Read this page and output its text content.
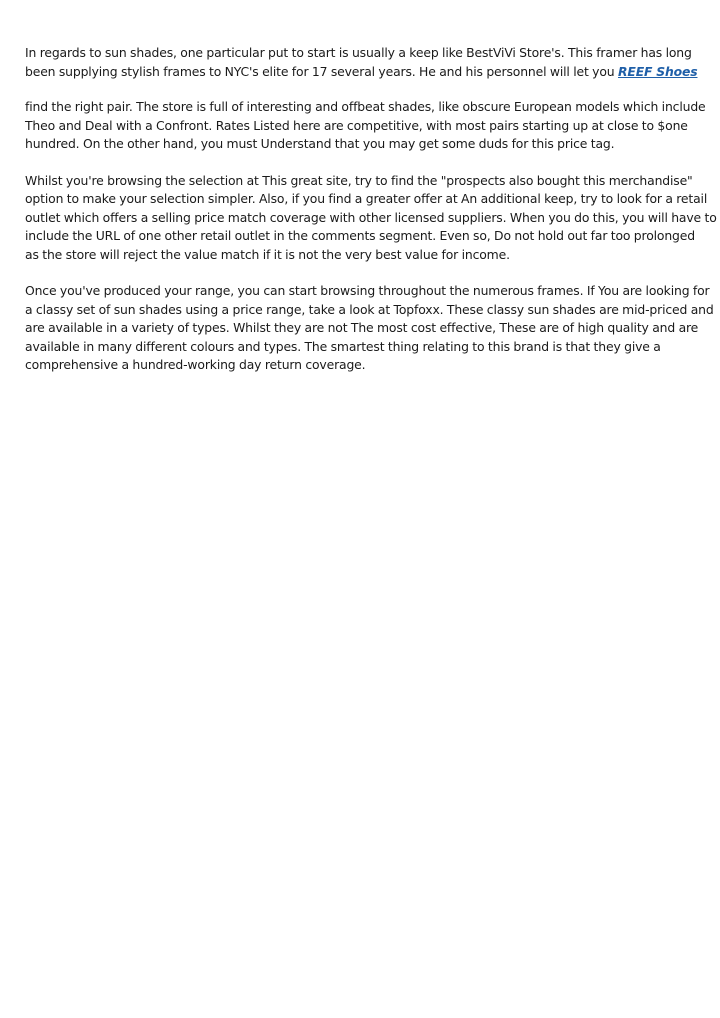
In regards to sun shades, one particular put to start is usually a keep like BestViVi Store's. This framer has long
been supplying stylish frames to NYC's elite for 17 several years. He and his personnel will let you REEF Shoes

find the right pair. The store is full of interesting and offbeat shades, like obscure European models which include
Theo and Deal with a Confront. Rates Listed here are competitive, with most pairs starting up at close to $one
hundred. On the other hand, you must Understand that you may get some duds for this price tag.

Whilst you're browsing the selection at This great site, try to find the "prospects also bought this merchandise"
option to make your selection simpler. Also, if you find a greater offer at An additional keep, try to look for a retail
outlet which offers a selling price match coverage with other licensed suppliers. When you do this, you will have to
include the URL of one other retail outlet in the comments segment. Even so, Do not hold out far too prolonged
as the store will reject the value match if it is not the very best value for income.

Once you've produced your range, you can start browsing throughout the numerous frames. If You are looking for
a classy set of sun shades using a price range, take a look at Topfoxx. These classy sun shades are mid-priced and
are available in a variety of types. Whilst they are not The most cost effective, These are of high quality and are
available in many different colours and types. The smartest thing relating to this brand is that they give a
comprehensive a hundred-working day return coverage.
